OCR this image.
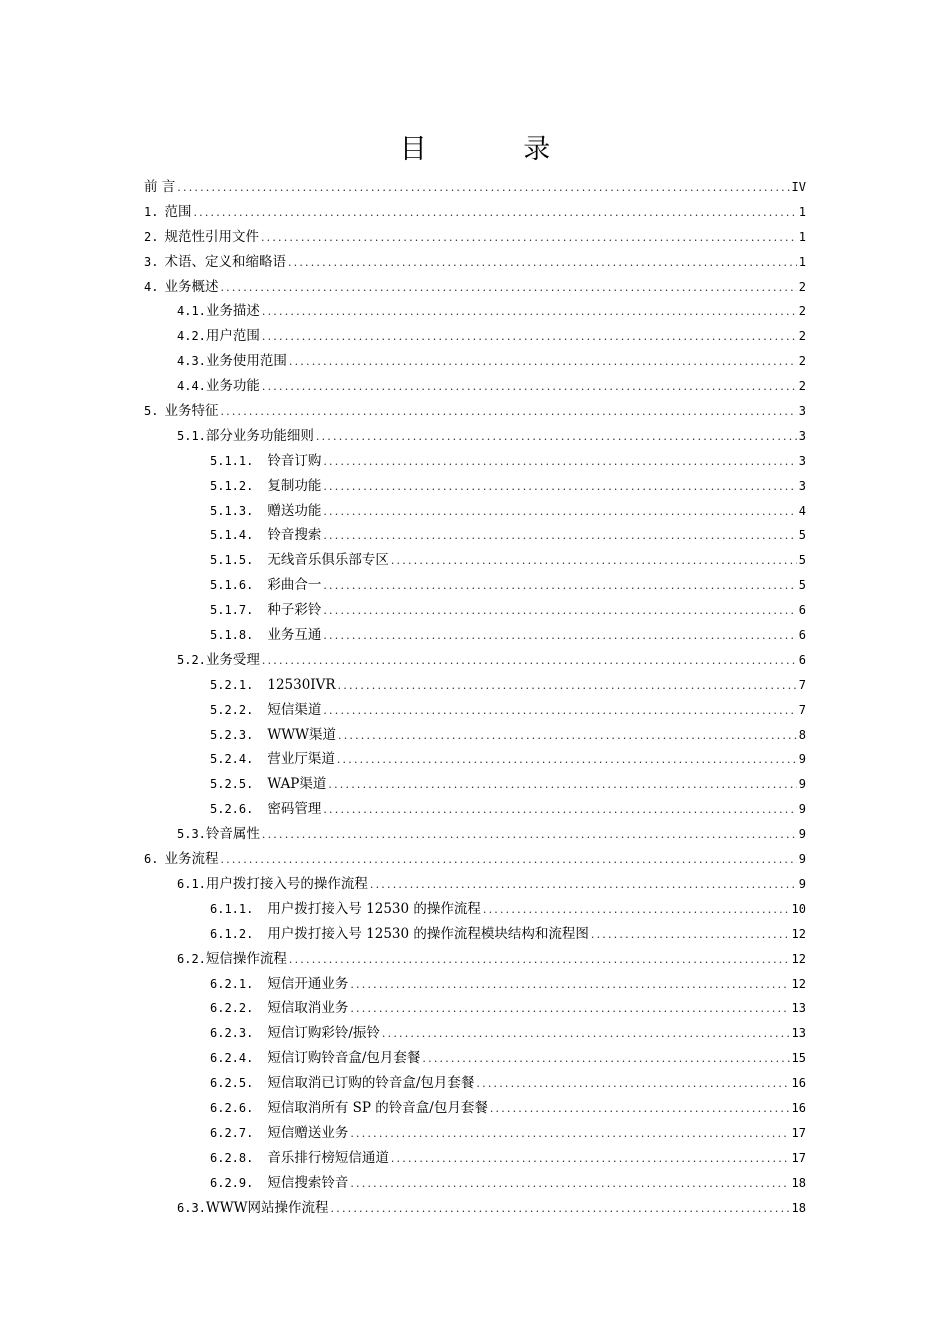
目 录
前 言 .....	IV
1. 范围 .....	1
2. 规范性引用文件 .....	1
3. 术语、定义和缩略语 .....	1
4. 业务概述 .....	2
4.1. 业务描述 .....	2
4.2. 用户范围 .....	2
4.3. 业务使用范围 .....	2
4.4. 业务功能 .....	2
5. 业务特征 .....	3
5.1. 部分业务功能细则 .....	3
5.1.1. 铃音订购 .....	3
5.1.2. 复制功能 .....	3
5.1.3. 赠送功能 .....	4
5.1.4. 铃音搜索 .....	5
5.1.5. 无线音乐俱乐部专区 .....	5
5.1.6. 彩曲合一 .....	5
5.1.7. 种子彩铃 .....	6
5.1.8. 业务互通 .....	6
5.2. 业务受理 .....	6
5.2.1. 12530IVR .....	7
5.2.2. 短信渠道 .....	7
5.2.3. WWW渠道 .....	8
5.2.4. 营业厅渠道 .....	9
5.2.5. WAP渠道 .....	9
5.2.6. 密码管理 .....	9
5.3. 铃音属性 .....	9
6. 业务流程 .....	9
6.1. 用户拨打接入号的操作流程 .....	9
6.1.1. 用户拨打接入号 12530 的操作流程 .....	10
6.1.2. 用户拨打接入号 12530 的操作流程模块结构和流程图 .....	12
6.2. 短信操作流程 .....	12
6.2.1. 短信开通业务 .....	12
6.2.2. 短信取消业务 .....	13
6.2.3. 短信订购彩铃/振铃 .....	13
6.2.4. 短信订购铃音盒/包月套餐 .....	15
6.2.5. 短信取消已订购的铃音盒/包月套餐 .....	16
6.2.6. 短信取消所有 SP 的铃音盒/包月套餐 .....	16
6.2.7. 短信赠送业务 .....	17
6.2.8. 音乐排行榜短信通道 .....	17
6.2.9. 短信搜索铃音 .....	18
6.3. WWW网站操作流程 .....	18
